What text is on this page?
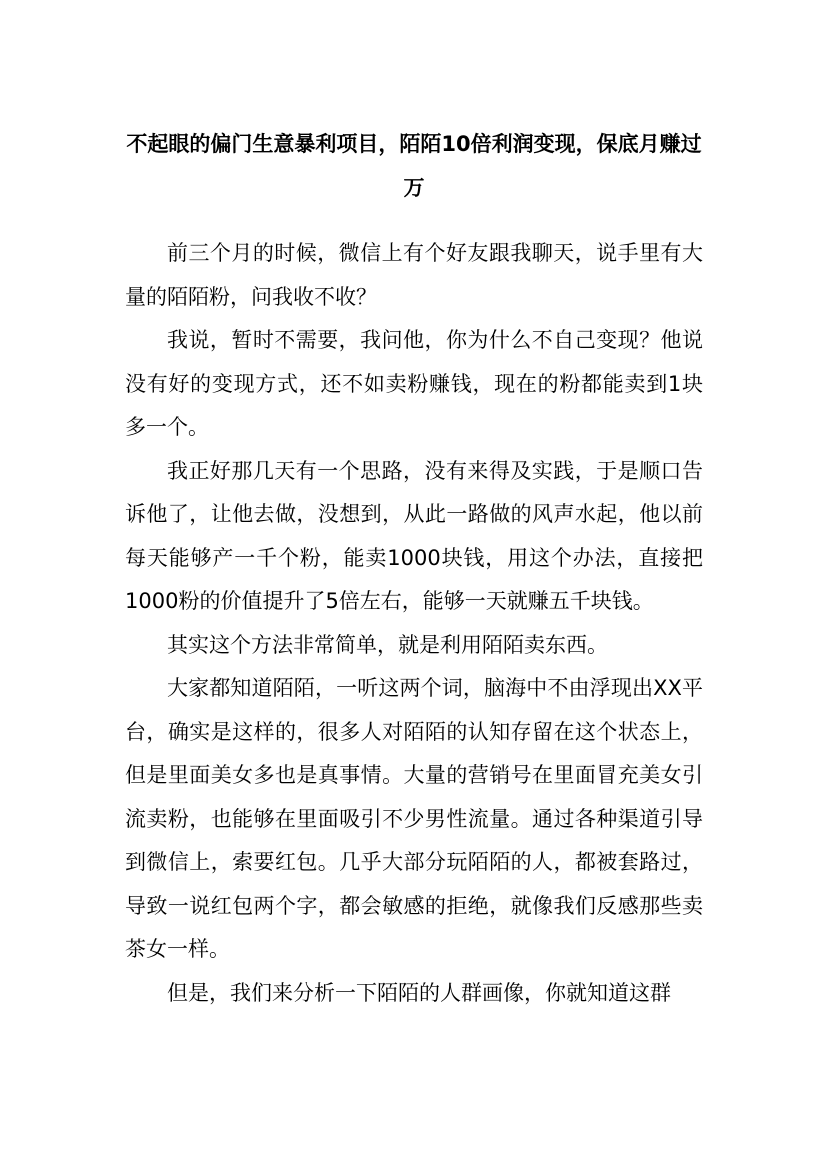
不起眼的偏门生意暴利项目，陌陌10倍利润变现，保底月赚过万

前三个月的时候，微信上有个好友跟我聊天，说手里有大量的陌陌粉，问我收不收？

我说，暂时不需要，我问他，你为什么不自己变现？他说没有好的变现方式，还不如卖粉赚钱，现在的粉都能卖到1块多一个。

我正好那几天有一个思路，没有来得及实践，于是顺口告诉他了，让他去做，没想到，从此一路做的风声水起，他以前每天能够产一千个粉，能卖1000块钱，用这个办法，直接把1000粉的价值提升了5倍左右，能够一天就赚五千块钱。

其实这个方法非常简单，就是利用陌陌卖东西。

大家都知道陌陌，一听这两个词，脑海中不由浮现出XX平台，确实是这样的，很多人对陌陌的认知存留在这个状态上，但是里面美女多也是真事情。大量的营销号在里面冒充美女引流卖粉，也能够在里面吸引不少男性流量。通过各种渠道引导到微信上，索要红包。几乎大部分玩陌陌的人，都被套路过，导致一说红包两个字，都会敏感的拒绝，就像我们反感那些卖茶女一样。

但是，我们来分析一下陌陌的人群画像，你就知道这群
